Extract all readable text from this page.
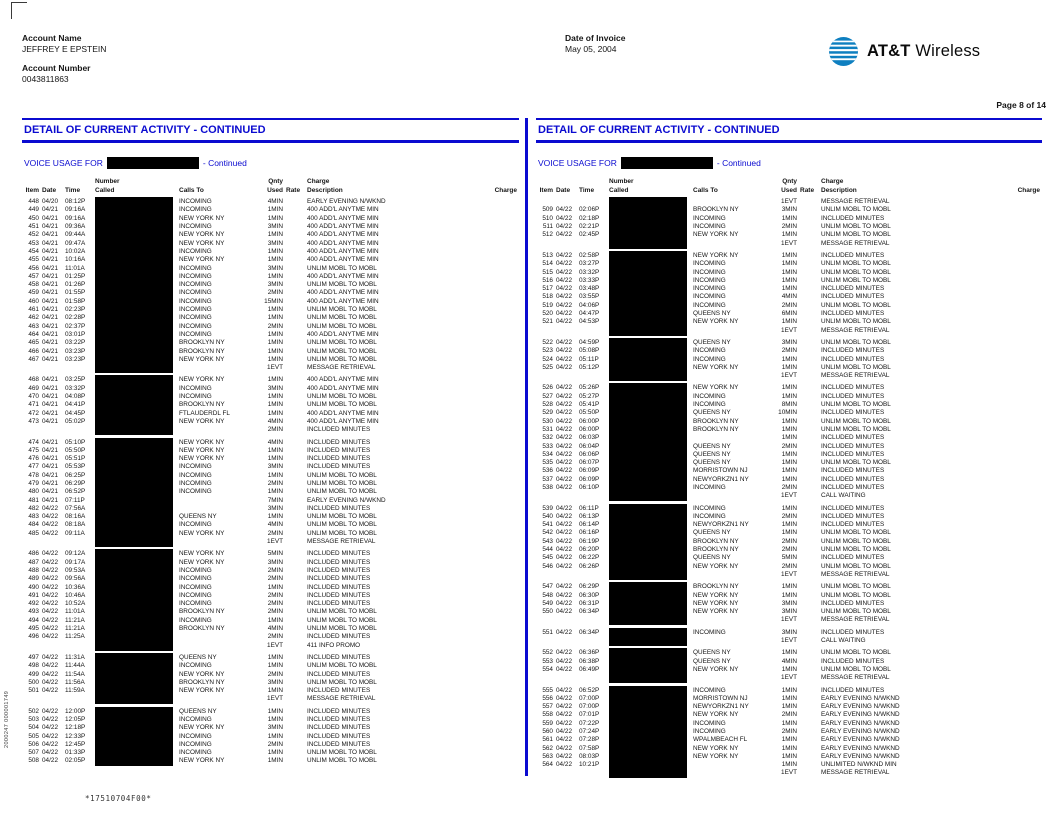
Account Name
JEFFREY E EPSTEIN
Account Number
0043811863
Date of Invoice
May 05, 2004	AT&T Wireless
Page 8 of 14
DETAIL OF CURRENT ACTIVITY - CONTINUED
VOICE USAGE FOR	- Continued
Number	Qnty	Charge
Item Date	Time	Called	Calls To	Used Rate	Description	Charge
448 04/20	08:12P	INCOMING	4MIN	EARLY EVENING N/WKND
449 04/21	09:16A	INCOMING	1MIN	400 ADD'L ANYTME MIN
450 04/21	09:16A	NEW YORK NY	1MIN	400 ADD'L ANYTME MIN
451 04/21	09:36A	INCOMING	3MIN	400 ADD'L ANYTME MIN
452 04/21	09:44A	NEW YORK NY	1MIN	400 ADD'L ANYTME MIN
453 04/21	09:47A	NEW YORK NY	3MIN	400 ADD'L ANYTME MIN
454 04/21	10:02A	INCOMING	1MIN	400 ADD'L ANYTME MIN
455 04/21	10:16A	NEW YORK NY	1MIN	400 ADD'L ANYTME MIN
456 04/21	11:01A	INCOMING	3MIN	UNLIM MOBL TO MOBL
457 04/21	01:25P	INCOMING	1MIN	400 ADD'L ANYTME MIN
458 04/21	01:26P	INCOMING	3MIN	UNLIM MOBL TO MOBL
459 04/21	01:55P	INCOMING	2MIN	400 ADD'L ANYTME MIN
460 04/21	01:58P	INCOMING	15MIN	400 ADD'L ANYTME MIN
461 04/21	02:23P	INCOMING	1MIN	UNLIM MOBL TO MOBL
462 04/21	02:28P	INCOMING	1MIN	UNLIM MOBL TO MOBL
463 04/21	02:37P	INCOMING	2MIN	UNLIM MOBL TO MOBL
464 04/21	03:01P	INCOMING	1MIN	400 ADD'L ANYTME MIN
465 04/21	03:22P	BROOKLYN NY	1MIN	UNLIM MOBL TO MOBL
466 04/21	03:23P	BROOKLYN NY	1MIN	UNLIM MOBL TO MOBL
467 04/21	03:23P	NEW YORK NY	1MIN	UNLIM MOBL TO MOBL
1EVT	MESSAGE RETRIEVAL
468 04/21	03:25P	NEW YORK NY	1MIN	400 ADD'L ANYTME MIN
469 04/21	03:32P	INCOMING	3MIN	400 ADD'L ANYTME MIN
470 04/21	04:08P	INCOMING	1MIN	UNLIM MOBL TO MOBL
471 04/21	04:41P	BROOKLYN NY	1MIN	UNLIM MOBL TO MOBL
472 04/21	04:45P	FTLAUDERDL FL	1MIN	400 ADD'L ANYTME MIN
473 04/21	05:02P	NEW YORK NY	4MIN	400 ADD'L ANYTME MIN
2MIN	INCLUDED MINUTES
474 04/21	05:10P	NEW YORK NY	4MIN	INCLUDED MINUTES
475 04/21	05:50P	NEW YORK NY	1MIN	INCLUDED MINUTES
476 04/21	05:51P	NEW YORK NY	1MIN	INCLUDED MINUTES
477 04/21	05:53P	INCOMING	3MIN	INCLUDED MINUTES
478 04/21	06:25P	INCOMING	1MIN	UNLIM MOBL TO MOBL
479 04/21	06:29P	INCOMING	2MIN	UNLIM MOBL TO MOBL
480 04/21	06:52P	INCOMING	1MIN	UNLIM MOBL TO MOBL
481 04/21	07:11P	7MIN	EARLY EVENING N/WKND
482 04/22	07:56A	3MIN	INCLUDED MINUTES
483 04/22	08:16A	QUEENS NY	1MIN	UNLIM MOBL TO MOBL
484 04/22	08:18A	INCOMING	4MIN	UNLIM MOBL TO MOBL
485 04/22	09:11A	NEW YORK NY	2MIN	UNLIM MOBL TO MOBL
1EVT	MESSAGE RETRIEVAL
486 04/22	09:12A	NEW YORK NY	5MIN	INCLUDED MINUTES
487 04/22	09:17A	NEW YORK NY	3MIN	INCLUDED MINUTES
488 04/22	09:53A	INCOMING	2MIN	INCLUDED MINUTES
489 04/22	09:56A	INCOMING	2MIN	INCLUDED MINUTES
490 04/22	10:36A	INCOMING	1MIN	INCLUDED MINUTES
491 04/22	10:46A	INCOMING	2MIN	INCLUDED MINUTES
492 04/22	10:52A	INCOMING	2MIN	INCLUDED MINUTES
493 04/22	11:01A	BROOKLYN NY	2MIN	UNLIM MOBL TO MOBL
494 04/22	11:21A	INCOMING	1MIN	UNLIM MOBL TO MOBL
495 04/22	11:21A	BROOKLYN NY	4MIN	UNLIM MOBL TO MOBL
496 04/22	11:25A	2MIN	INCLUDED MINUTES
1EVT	411 INFO PROMO
497 04/22	11:31A	QUEENS NY	1MIN	INCLUDED MINUTES
498 04/22	11:44A	INCOMING	1MIN	UNLIM MOBL TO MOBL
499 04/22	11:54A	NEW YORK NY	2MIN	INCLUDED MINUTES
500 04/22	11:56A	BROOKLYN NY	3MIN	UNLIM MOBL TO MOBL
501 04/22	11:59A	NEW YORK NY	1MIN	INCLUDED MINUTES
1EVT	MESSAGE RETRIEVAL
502 04/22	12:00P	QUEENS NY	1MIN	INCLUDED MINUTES
503 04/22	12:05P	INCOMING	1MIN	INCLUDED MINUTES
504 04/22	12:18P	NEW YORK NY	3MIN	INCLUDED MINUTES
505 04/22	12:33P	INCOMING	1MIN	INCLUDED MINUTES
506 04/22	12:45P	INCOMING	2MIN	INCLUDED MINUTES
507 04/22	01:33P	INCOMING	1MIN	UNLIM MOBL TO MOBL
508 04/22	02:05P	NEW YORK NY	1MIN	UNLIM MOBL TO MOBL
DETAIL OF CURRENT ACTIVITY - CONTINUED
VOICE USAGE FOR	- Continued
Number	Qnty	Charge
Item Date	Time	Called	Calls To	Used Rate	Description	Charge
1EVT	MESSAGE RETRIEVAL
509 04/22	02:06P	BROOKLYN NY	3MIN	UNLIM MOBL TO MOBL
510 04/22	02:18P	INCOMING	1MIN	INCLUDED MINUTES
511 04/22	02:21P	INCOMING	2MIN	UNLIM MOBL TO MOBL
512 04/22	02:45P	NEW YORK NY	1MIN	UNLIM MOBL TO MOBL
1EVT	MESSAGE RETRIEVAL
513 04/22	02:58P	NEW YORK NY	1MIN	INCLUDED MINUTES
514 04/22	03:27P	INCOMING	1MIN	UNLIM MOBL TO MOBL
515 04/22	03:32P	INCOMING	1MIN	UNLIM MOBL TO MOBL
516 04/22	03:33P	INCOMING	1MIN	UNLIM MOBL TO MOBL
517 04/22	03:48P	INCOMING	1MIN	INCLUDED MINUTES
518 04/22	03:55P	INCOMING	4MIN	INCLUDED MINUTES
519 04/22	04:06P	INCOMING	2MIN	UNLIM MOBL TO MOBL
520 04/22	04:47P	QUEENS NY	6MIN	INCLUDED MINUTES
521 04/22	04:53P	NEW YORK NY	1MIN	UNLIM MOBL TO MOBL
1EVT	MESSAGE RETRIEVAL
522 04/22	04:59P	QUEENS NY	3MIN	UNLIM MOBL TO MOBL
523 04/22	05:08P	INCOMING	2MIN	INCLUDED MINUTES
524 04/22	05:11P	INCOMING	1MIN	INCLUDED MINUTES
525 04/22	05:12P	NEW YORK NY	1MIN	UNLIM MOBL TO MOBL
1EVT	MESSAGE RETRIEVAL
526 04/22	05:26P	NEW YORK NY	1MIN	INCLUDED MINUTES
527 04/22	05:27P	INCOMING	1MIN	INCLUDED MINUTES
528 04/22	05:41P	INCOMING	8MIN	UNLIM MOBL TO MOBL
529 04/22	05:50P	QUEENS NY	10MIN	INCLUDED MINUTES
530 04/22	06:00P	BROOKLYN NY	1MIN	UNLIM MOBL TO MOBL
531 04/22	06:00P	BROOKLYN NY	1MIN	UNLIM MOBL TO MOBL
532 04/22	06:03P	1MIN	INCLUDED MINUTES
533 04/22	06:04P	QUEENS NY	2MIN	INCLUDED MINUTES
534 04/22	06:06P	QUEENS NY	1MIN	INCLUDED MINUTES
535 04/22	06:07P	QUEENS NY	1MIN	UNLIM MOBL TO MOBL
536 04/22	06:09P	MORRISTOWN NJ	1MIN	INCLUDED MINUTES
537 04/22	06:09P	NEWYORKZN1 NY	1MIN	INCLUDED MINUTES
538 04/22	06:10P	INCOMING	2MIN	INCLUDED MINUTES
1EVT	CALL WAITING
539 04/22	06:11P	INCOMING	1MIN	INCLUDED MINUTES
540 04/22	06:13P	INCOMING	2MIN	INCLUDED MINUTES
541 04/22	06:14P	NEWYORKZN1 NY	1MIN	INCLUDED MINUTES
542 04/22	06:16P	QUEENS NY	1MIN	UNLIM MOBL TO MOBL
543 04/22	06:19P	BROOKLYN NY	2MIN	UNLIM MOBL TO MOBL
544 04/22	06:20P	BROOKLYN NY	2MIN	UNLIM MOBL TO MOBL
545 04/22	06:22P	QUEENS NY	5MIN	INCLUDED MINUTES
546 04/22	06:26P	NEW YORK NY	2MIN	UNLIM MOBL TO MOBL
1EVT	MESSAGE RETRIEVAL
547 04/22	06:29P	BROOKLYN NY	1MIN	UNLIM MOBL TO MOBL
548 04/22	06:30P	NEW YORK NY	1MIN	UNLIM MOBL TO MOBL
549 04/22	06:31P	NEW YORK NY	3MIN	INCLUDED MINUTES
550 04/22	06:34P	NEW YORK NY	3MIN	UNLIM MOBL TO MOBL
1EVT	MESSAGE RETRIEVAL
551 04/22	06:34P	INCOMING	3MIN	INCLUDED MINUTES
1EVT	CALL WAITING
552 04/22	06:36P	QUEENS NY	1MIN	UNLIM MOBL TO MOBL
553 04/22	06:38P	QUEENS NY	4MIN	INCLUDED MINUTES
554 04/22	06:49P	NEW YORK NY	1MIN	UNLIM MOBL TO MOBL
1EVT	MESSAGE RETRIEVAL
555 04/22	06:52P	INCOMING	1MIN	INCLUDED MINUTES
556 04/22	07:00P	MORRISTOWN NJ	1MIN	EARLY EVENING N/WKND
557 04/22	07:00P	NEWYORKZN1 NY	1MIN	EARLY EVENING N/WKND
558 04/22	07:01P	NEW YORK NY	2MIN	EARLY EVENING N/WKND
559 04/22	07:22P	INCOMING	1MIN	EARLY EVENING N/WKND
560 04/22	07:24P	INCOMING	2MIN	EARLY EVENING N/WKND
561 04/22	07:28P	WPALMBEACH FL	1MIN	EARLY EVENING N/WKND
562 04/22	07:58P	NEW YORK NY	1MIN	EARLY EVENING N/WKND
563 04/22	08:03P	NEW YORK NY	1MIN	EARLY EVENING N/WKND
564 04/22	10:21P	1MIN	UNLIMITED N/WKND MIN
1EVT	MESSAGE RETRIEVAL
2000247 000001749
*17510704F00*
